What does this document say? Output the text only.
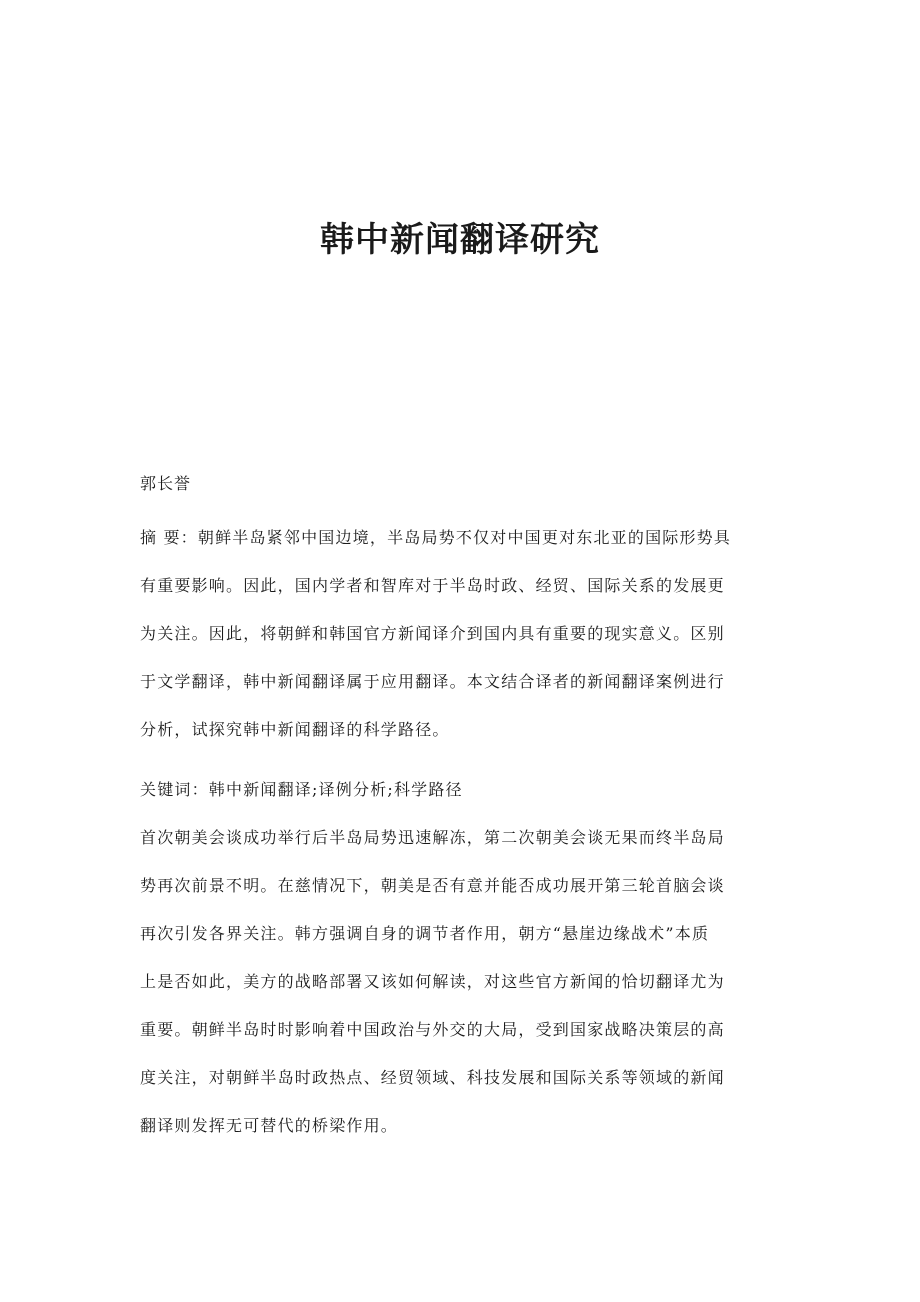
韩中新闻翻译研究
郭长誉
摘 要：朝鲜半岛紧邻中国边境，半岛局势不仅对中国更对东北亚的国际形势具
有重要影响。因此，国内学者和智库对于半岛时政、经贸、国际关系的发展更
为关注。因此，将朝鲜和韩国官方新闻译介到国内具有重要的现实意义。区别
于文学翻译，韩中新闻翻译属于应用翻译。本文结合译者的新闻翻译案例进行
分析，试探究韩中新闻翻译的科学路径。
关键词：韩中新闻翻译;译例分析;科学路径
首次朝美会谈成功举行后半岛局势迅速解冻，第二次朝美会谈无果而终半岛局
势再次前景不明。在慈情况下，朝美是否有意并能否成功展开第三轮首脑会谈
再次引发各界关注。韩方强调自身的调节者作用，朝方“悬崖边缘战术”本质
上是否如此，美方的战略部署又该如何解读，对这些官方新闻的恰切翻译尤为
重要。朝鲜半岛时时影响着中国政治与外交的大局，受到国家战略决策层的高
度关注，对朝鲜半岛时政热点、经贸领域、科技发展和国际关系等领域的新闻
翻译则发挥无可替代的桥梁作用。
